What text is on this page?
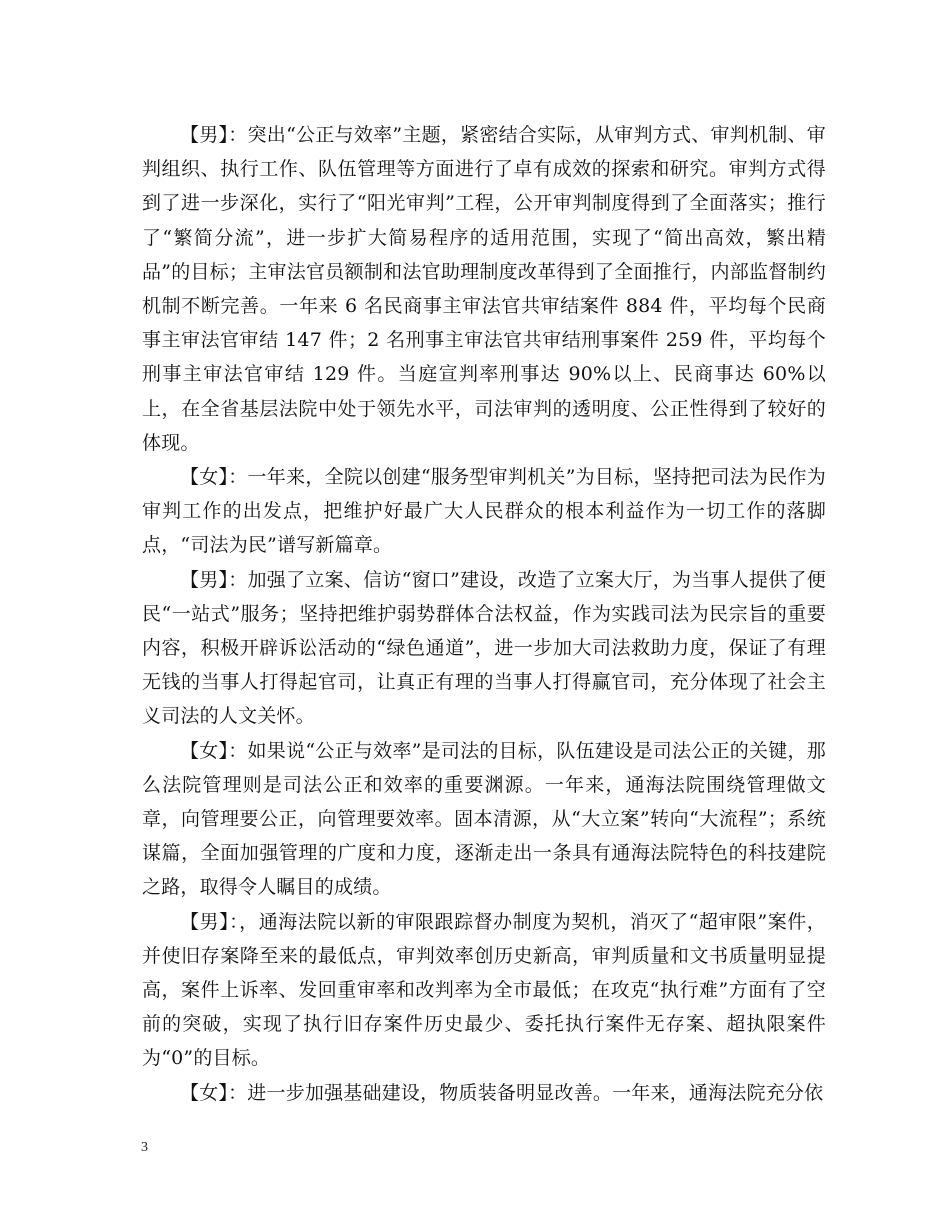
【男】：突出“公正与效率”主题，紧密结合实际，从审判方式、审判机制、审判组织、执行工作、队伍管理等方面进行了卓有成效的探索和研究。审判方式得到了进一步深化，实行了“阳光审判”工程，公开审判制度得到了全面落实；推行了“繁简分流”，进一步扩大简易程序的适用范围，实现了“简出高效，繁出精品”的目标；主审法官员额制和法官助理制度改革得到了全面推行，内部监督制约机制不断完善。一年来 6 名民商事主审法官共审结案件 884 件，平均每个民商事主审法官审结 147 件；2 名刑事主审法官共审结刑事案件 259 件，平均每个刑事主审法官审结 129 件。当庭宣判率刑事达 90%以上、民商事达 60%以上，在全省基层法院中处于领先水平，司法审判的透明度、公正性得到了较好的体现。

【女】：一年来，全院以创建“服务型审判机关”为目标，坚持把司法为民作为审判工作的出发点，把维护好最广大人民群众的根本利益作为一切工作的落脚点，“司法为民”谱写新篇章。

【男】：加强了立案、信访“窗口”建设，改造了立案大厅，为当事人提供了便民“一站式”服务；坚持把维护弱势群体合法权益，作为实践司法为民宗旨的重要内容，积极开辟诉讼活动的“绿色通道”，进一步加大司法救助力度，保证了有理无钱的当事人打得起官司，让真正有理的当事人打得赢官司，充分体现了社会主义司法的人文关怀。

【女】：如果说“公正与效率”是司法的目标，队伍建设是司法公正的关键，那么法院管理则是司法公正和效率的重要渊源。一年来，通海法院围绕管理做文章，向管理要公正，向管理要效率。固本清源，从“大立案”转向“大流程”；系统谋篇，全面加强管理的广度和力度，逐渐走出一条具有通海法院特色的科技建院之路，取得令人瞩目的成绩。

【男】：，通海法院以新的审限跟踪督办制度为契机，消灭了“超审限”案件，并使旧存案降至来的最低点，审判效率创历史新高，审判质量和文书质量明显提高，案件上诉率、发回重审率和改判率为全市最低；在攻克“执行难”方面有了空前的突破，实现了执行旧存案件历史最少、委托执行案件无存案、超执限案件为“0”的目标。

【女】：进一步加强基础建设，物质装备明显改善。一年来，通海法院充分依

3
